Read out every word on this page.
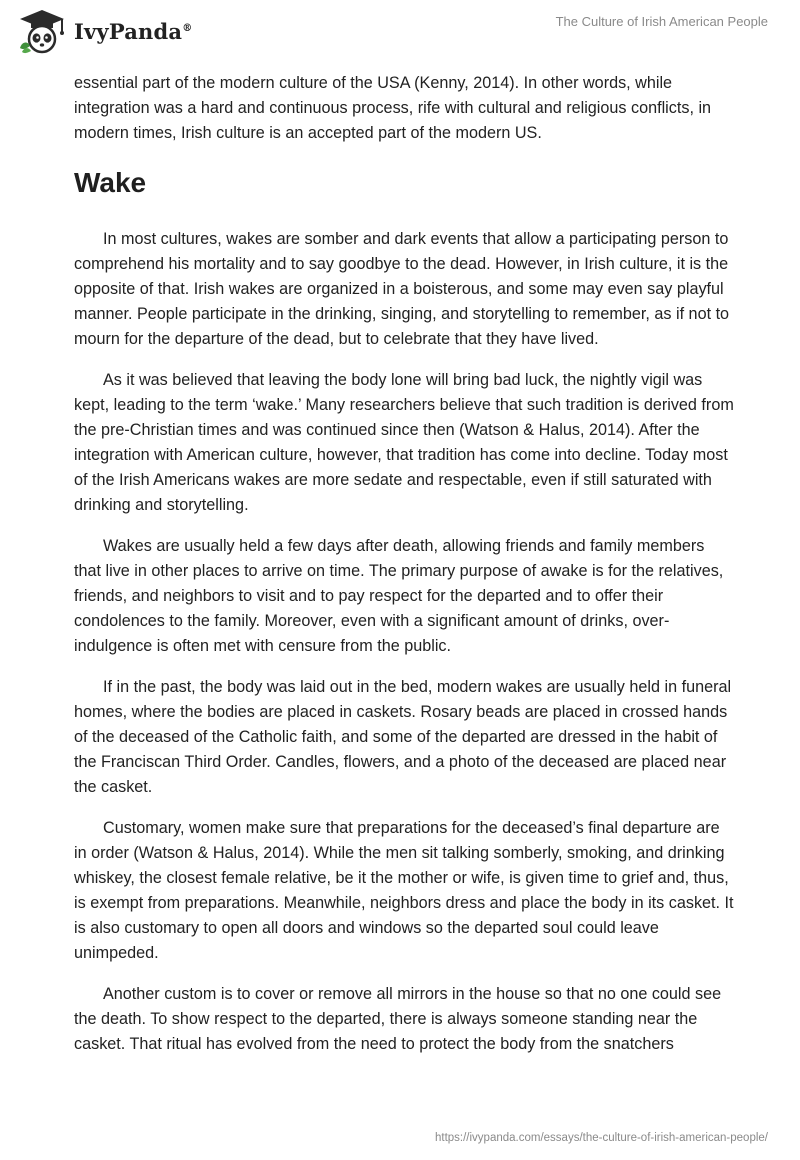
IvyPanda®	The Culture of Irish American People

essential part of the modern culture of the USA (Kenny, 2014). In other words, while integration was a hard and continuous process, rife with cultural and religious conflicts, in modern times, Irish culture is an accepted part of the modern US.

Wake

In most cultures, wakes are somber and dark events that allow a participating person to comprehend his mortality and to say goodbye to the dead. However, in Irish culture, it is the opposite of that. Irish wakes are organized in a boisterous, and some may even say playful manner. People participate in the drinking, singing, and storytelling to remember, as if not to mourn for the departure of the dead, but to celebrate that they have lived.

As it was believed that leaving the body lone will bring bad luck, the nightly vigil was kept, leading to the term ‘wake.’ Many researchers believe that such tradition is derived from the pre-Christian times and was continued since then (Watson & Halus, 2014). After the integration with American culture, however, that tradition has come into decline. Today most of the Irish Americans wakes are more sedate and respectable, even if still saturated with drinking and storytelling.

Wakes are usually held a few days after death, allowing friends and family members that live in other places to arrive on time. The primary purpose of awake is for the relatives, friends, and neighbors to visit and to pay respect for the departed and to offer their condolences to the family. Moreover, even with a significant amount of drinks, over-indulgence is often met with censure from the public.

If in the past, the body was laid out in the bed, modern wakes are usually held in funeral homes, where the bodies are placed in caskets. Rosary beads are placed in crossed hands of the deceased of the Catholic faith, and some of the departed are dressed in the habit of the Franciscan Third Order. Candles, flowers, and a photo of the deceased are placed near the casket.

Customary, women make sure that preparations for the deceased’s final departure are in order (Watson & Halus, 2014). While the men sit talking somberly, smoking, and drinking whiskey, the closest female relative, be it the mother or wife, is given time to grief and, thus, is exempt from preparations. Meanwhile, neighbors dress and place the body in its casket. It is also customary to open all doors and windows so the departed soul could leave unimpeded.

Another custom is to cover or remove all mirrors in the house so that no one could see the death. To show respect to the departed, there is always someone standing near the casket. That ritual has evolved from the need to protect the body from the snatchers

https://ivypanda.com/essays/the-culture-of-irish-american-people/
